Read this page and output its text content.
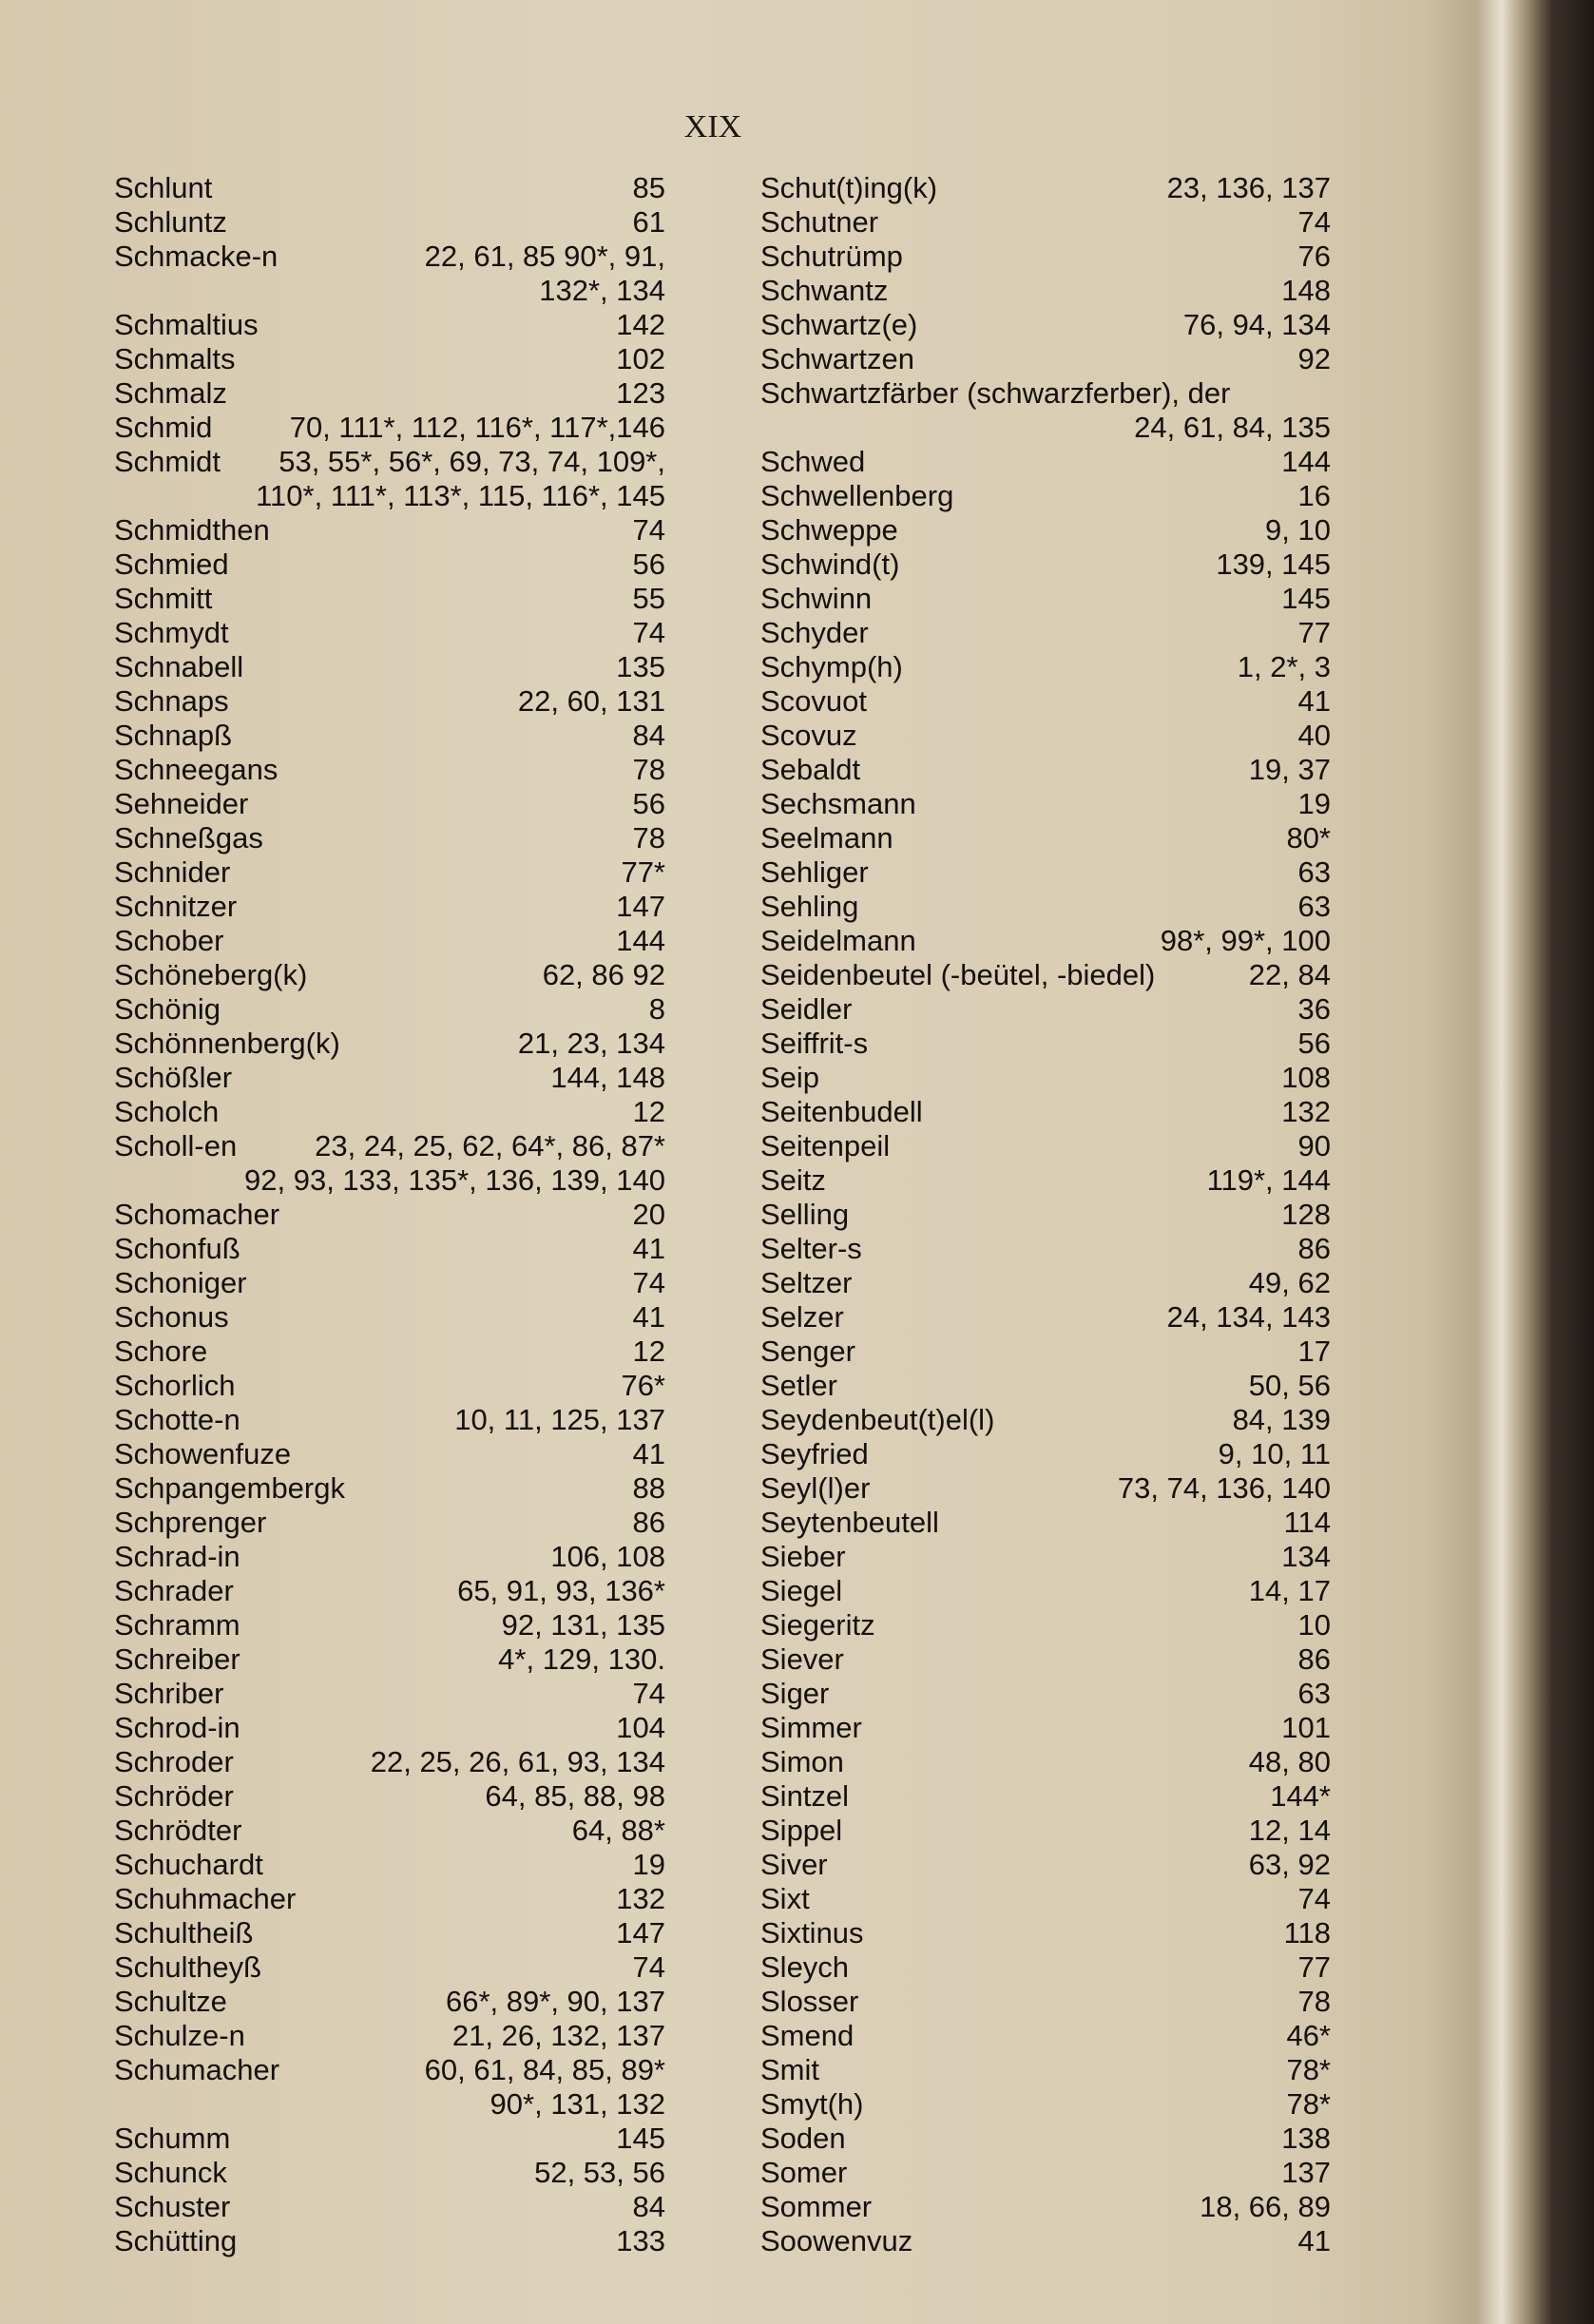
XIX
Schlunt	85
Schluntz	61
Schmacke-n	22, 61, 85 90*, 91,
132*, 134
Schmaltius	142
Schmalts	102
Schmalz	123
Schmid	70, 111*, 112, 116*, 117*,146
Schmidt 53, 55*, 56*, 69, 73, 74, 109*,
110*, 111*, 113*, 115, 116*, 145
Schmidthen	74
Schmied	56
Schmitt	55
Schmydt	74
Schnabell	135
Schnaps	22, 60, 131
Schnapß	84
Schneegans	78
Sehneider	56
Schneßgas	78
Schnider	77*
Schnitzer	147
Schober	144
Schöneberg(k)	62, 86 92
Schönig	8
Schönnenberg(k)	21, 23, 134
Schößler	144, 148
Scholch	12
Scholl-en	23, 24, 25, 62, 64*, 86, 87*
92, 93, 133, 135*, 136, 139, 140
Schomacher	20
Schonfuß	41
Schoniger	74
Schonus	41
Schore	12
Schorlich	76*
Schotte-n	10, 11, 125, 137
Schowenfuze	41
Schpangembergk	88
Schprenger	86
Schrad-in	106, 108
Schrader	65, 91, 93, 136*
Schramm	92, 131, 135
Schreiber	4*, 129, 130.
Schriber	74
Schrod-in	104
Schroder	22, 25, 26, 61, 93, 134
Schröder	64, 85, 88, 98
Schrödter	64, 88*
Schuchardt	19
Schuhmacher	132
Schultheiß	147
Schultheyß	74
Schultze	66*, 89*, 90, 137
Schulze-n	21, 26, 132, 137
Schumacher	60, 61, 84, 85, 89*
90*, 131, 132
Schumm	145
Schunck	52, 53, 56
Schuster	84
Schütting	133
Schut(t)ing(k)	23, 136, 137
Schutner	74
Schutrümp	76
Schwantz	148
Schwartz(e)	76, 94, 134
Schwartzen	92
Schwartzfärber (schwarzferber), der
24, 61, 84, 135
Schwed	144
Schwellenberg	16
Schweppe	9, 10
Schwind(t)	139, 145
Schwinn	145
Schyder	77
Schymp(h)	1, 2*, 3
Scovuot	41
Scovuz	40
Sebaldt	19, 37
Sechsmann	19
Seelmann	80*
Sehliger	63
Sehling	63
Seidelmann	98*, 99*, 100
Seidenbeutel (-beütel, -biedel)	22, 84
Seidler	36
Seiffrit-s	56
Seip	108
Seitenbudell	132
Seitenpeil	90
Seitz	119*, 144
Selling	128
Selter-s	86
Seltzer	49, 62
Selzer	24, 134, 143
Senger	17
Setler	50, 56
Seydenbeut(t)el(l)	84, 139
Seyfried	9, 10, 11
Seyl(l)er	73, 74, 136, 140
Seytenbeutell	114
Sieber	134
Siegel	14, 17
Siegeritz	10
Siever	86
Siger	63
Simmer	101
Simon	48, 80
Sintzel	144*
Sippel	12, 14
Siver	63, 92
Sixt	74
Sixtinus	118
Sleych	77
Slosser	78
Smend	46*
Smit	78*
Smyt(h)	78*
Soden	138
Somer	137
Sommer	18, 66, 89
Soowenvuz	41
